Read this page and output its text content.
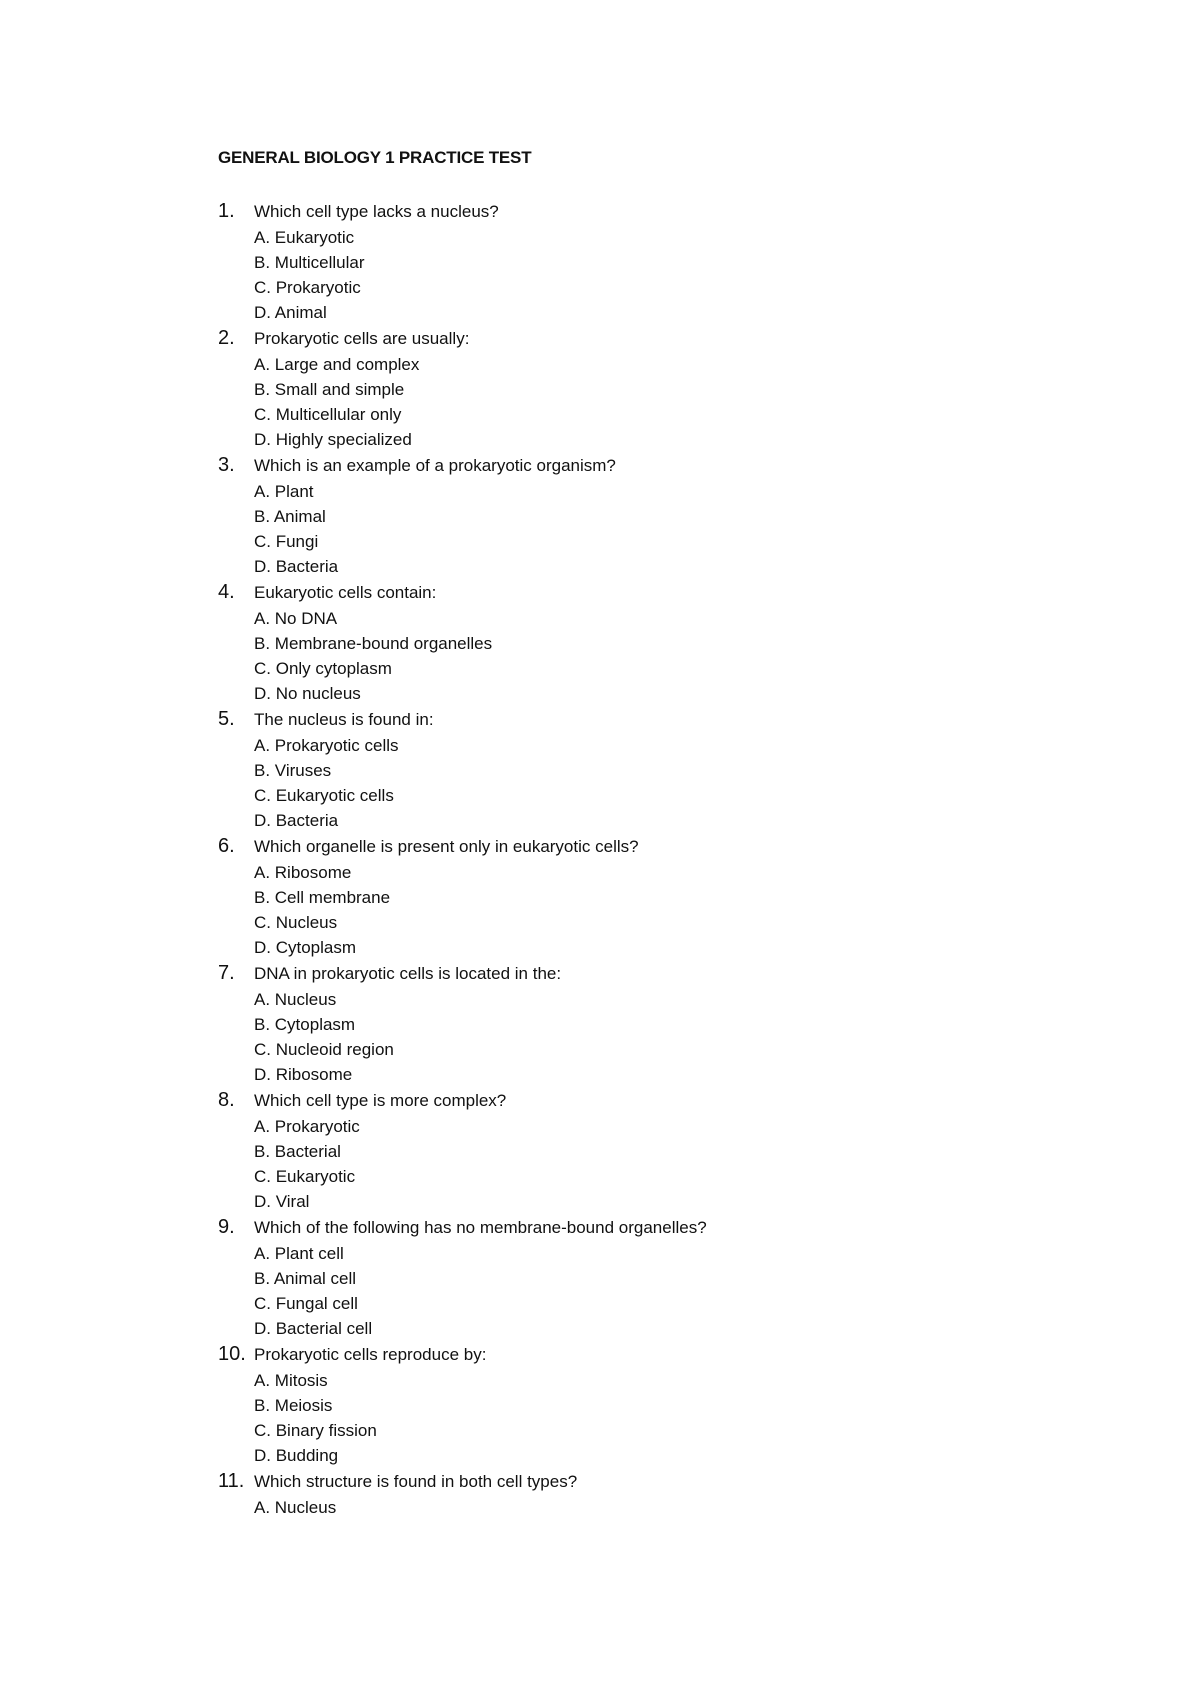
GENERAL BIOLOGY 1 PRACTICE TEST
1. Which cell type lacks a nucleus?
A. Eukaryotic
B. Multicellular
C. Prokaryotic
D. Animal
2. Prokaryotic cells are usually:
A. Large and complex
B. Small and simple
C. Multicellular only
D. Highly specialized
3. Which is an example of a prokaryotic organism?
A. Plant
B. Animal
C. Fungi
D. Bacteria
4. Eukaryotic cells contain:
A. No DNA
B. Membrane-bound organelles
C. Only cytoplasm
D. No nucleus
5. The nucleus is found in:
A. Prokaryotic cells
B. Viruses
C. Eukaryotic cells
D. Bacteria
6. Which organelle is present only in eukaryotic cells?
A. Ribosome
B. Cell membrane
C. Nucleus
D. Cytoplasm
7. DNA in prokaryotic cells is located in the:
A. Nucleus
B. Cytoplasm
C. Nucleoid region
D. Ribosome
8. Which cell type is more complex?
A. Prokaryotic
B. Bacterial
C. Eukaryotic
D. Viral
9. Which of the following has no membrane-bound organelles?
A. Plant cell
B. Animal cell
C. Fungal cell
D. Bacterial cell
10. Prokaryotic cells reproduce by:
A. Mitosis
B. Meiosis
C. Binary fission
D. Budding
11. Which structure is found in both cell types?
A. Nucleus
